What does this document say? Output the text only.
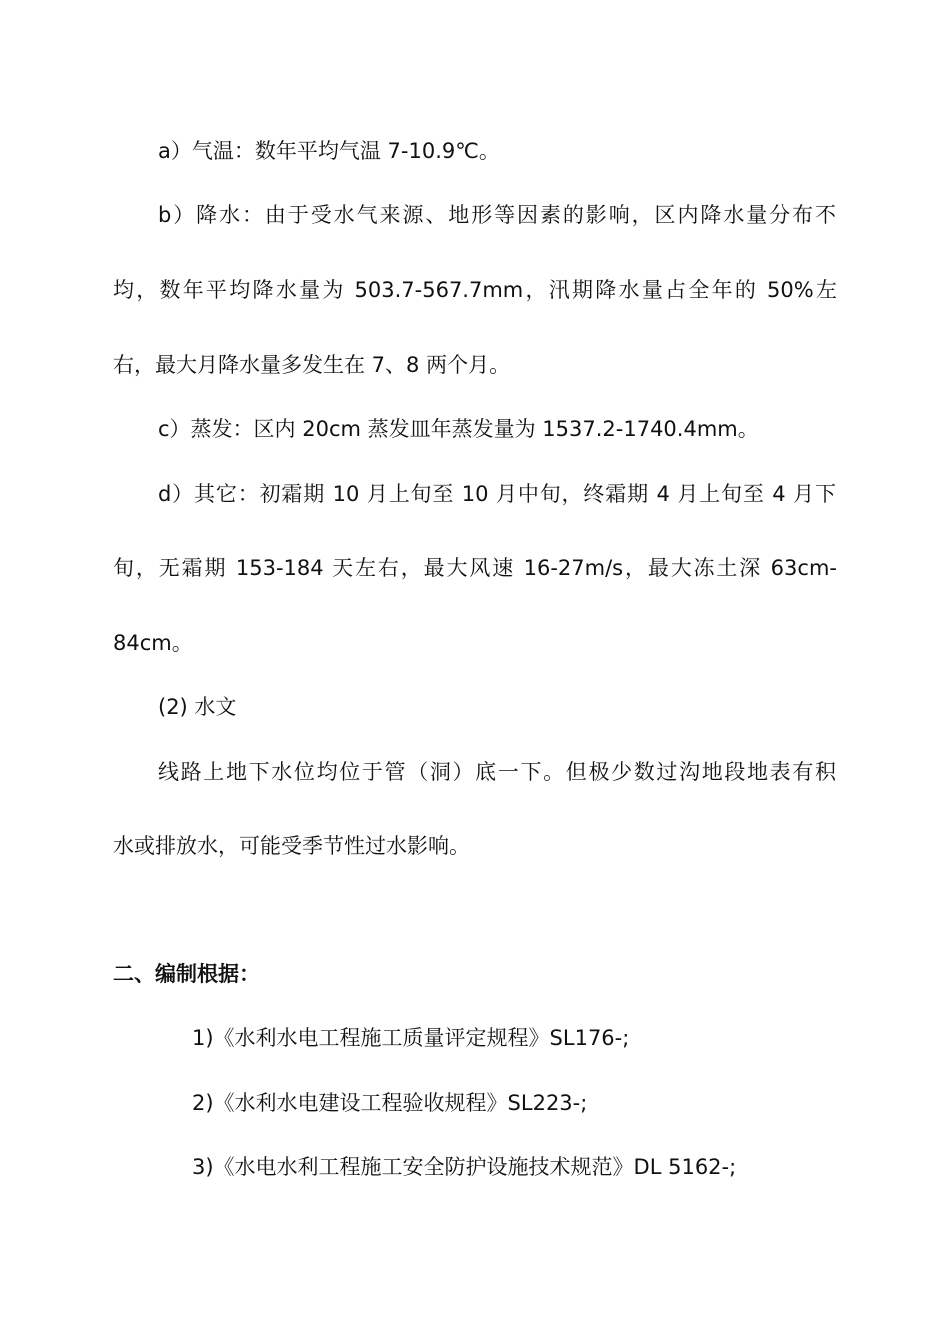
a）气温：数年平均气温 7-10.9℃。
b）降水：由于受水气来源、地形等因素的影响，区内降水量分布不
均，数年平均降水量为 503.7-567.7mm，汛期降水量占全年的 50%左
右，最大月降水量多发生在 7、8 两个月。
c）蒸发：区内 20cm 蒸发皿年蒸发量为 1537.2-1740.4mm。
d）其它：初霜期 10 月上旬至 10 月中旬，终霜期 4 月上旬至 4 月下
旬，无霜期 153-184 天左右，最大风速 16-27m/s，最大冻土深 63cm-
84cm。
(2) 水文
线路上地下水位均位于管（洞）底一下。但极少数过沟地段地表有积
水或排放水，可能受季节性过水影响。
二、编制根据：
1)《水利水电工程施工质量评定规程》SL176-;
2)《水利水电建设工程验收规程》SL223-;
3)《水电水利工程施工安全防护设施技术规范》DL 5162-;
